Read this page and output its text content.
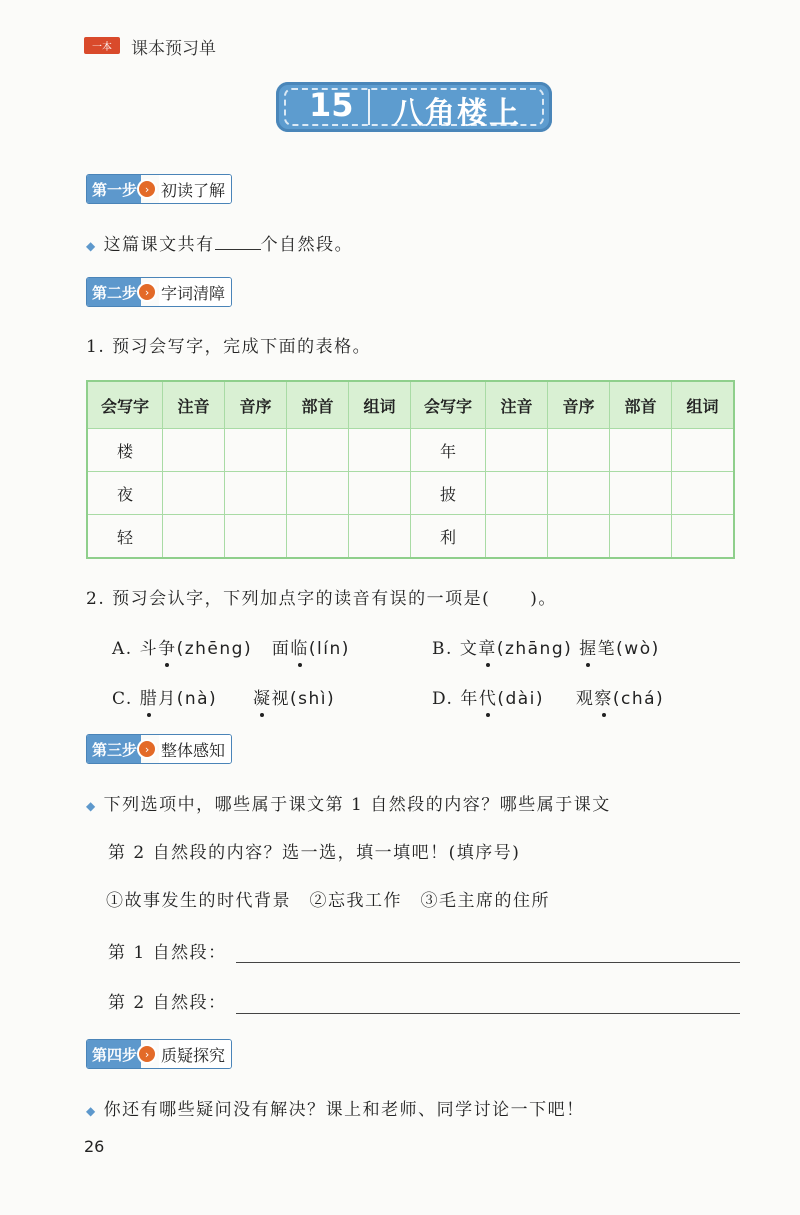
一本	课本预习单
15 八角楼上
第一步 › 初读了解
◆ 这篇课文共有	个自然段。
第二步 › 字词清障
1. 预习会写字，完成下面的表格。
会写字	注音	音序	部首	组词	会写字	注音	音序	部首	组词
楼					年				
夜					披				
轻					利				
2. 预习会认字，下列加点字的读音有误的一项是( )。
A. 斗争(zhēng) 面临(lín)	B. 文章(zhāng) 握笔(wò)
C. 腊月(nà) 凝视(shì)	D. 年代(dài) 观察(chá)
第三步 › 整体感知
◆ 下列选项中，哪些属于课文第 1 自然段的内容？哪些属于课文
第 2 自然段的内容？选一选，填一填吧！(填序号)
①故事发生的时代背景　②忘我工作　③毛主席的住所
第 1 自然段：
第 2 自然段：
第四步 › 质疑探究
◆ 你还有哪些疑问没有解决？课上和老师、同学讨论一下吧！
26
